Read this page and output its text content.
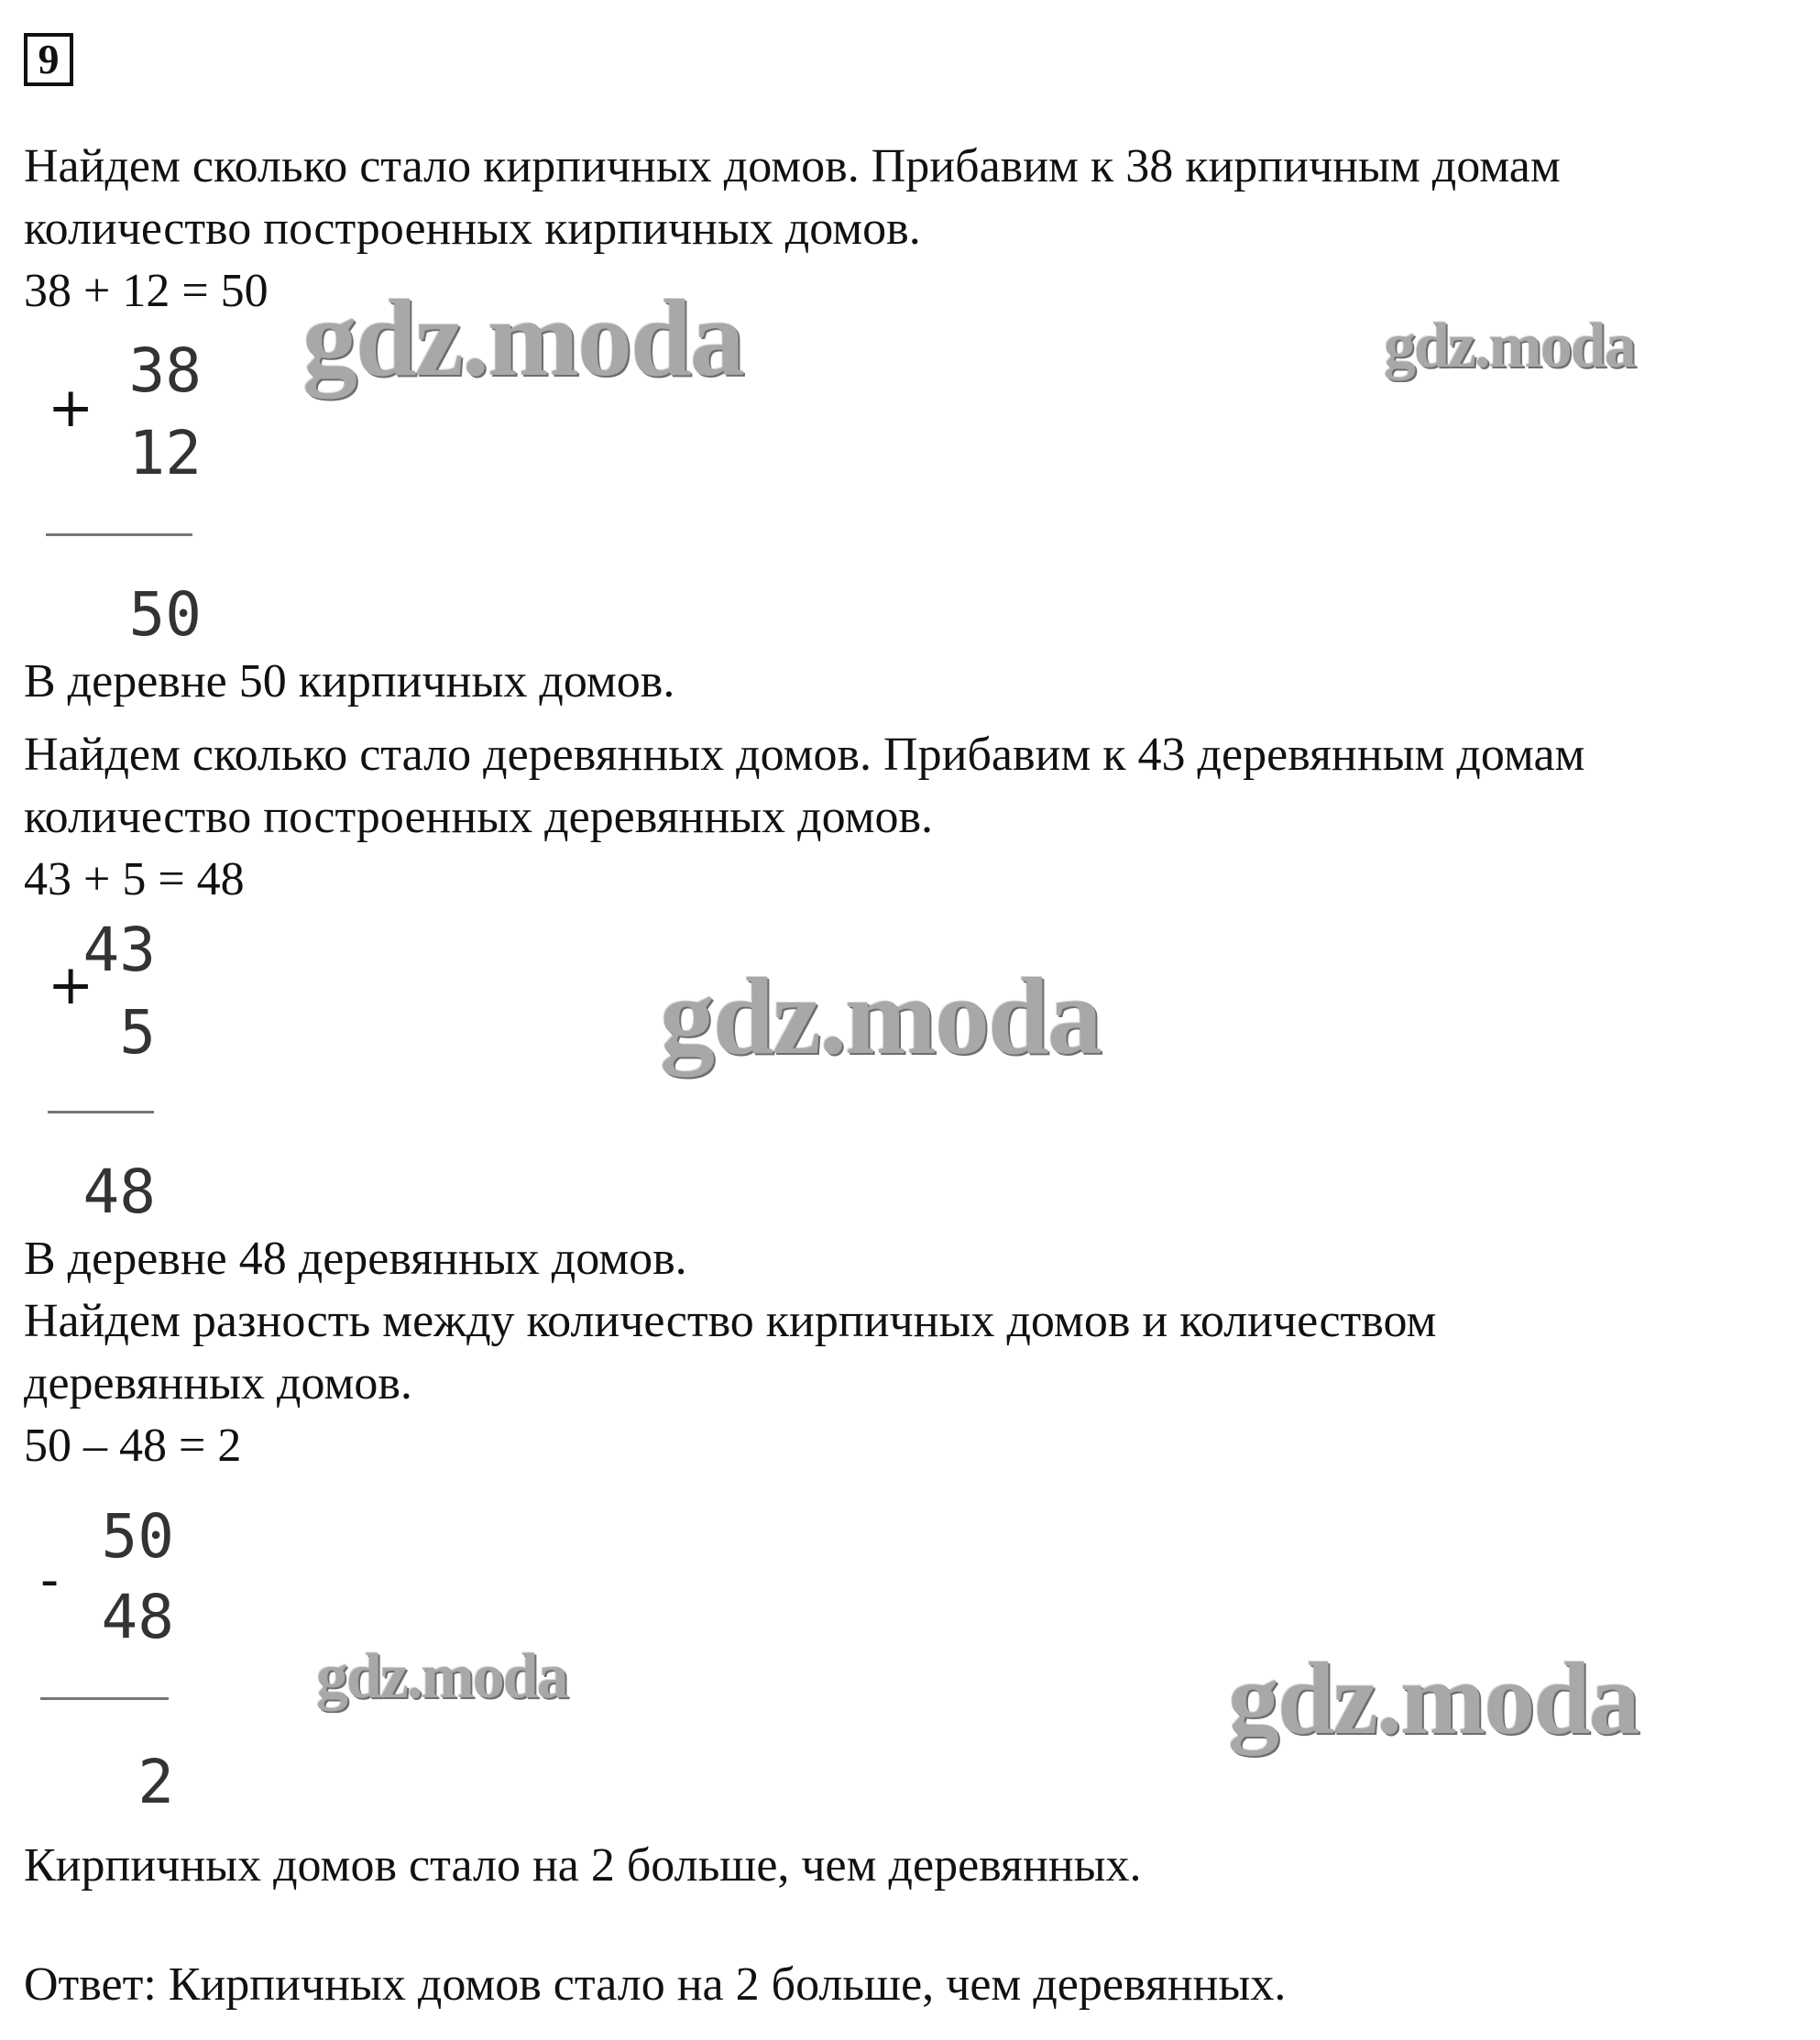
9
Найдем сколько стало кирпичных домов. Прибавим к 38 кирпичным домам
количество построенных кирпичных домов.
38 + 12 = 50
+
38
12
50
В деревне 50 кирпичных домов.
Найдем сколько стало деревянных домов. Прибавим к 43 деревянным домам
количество построенных деревянных домов.
43 + 5 = 48
+
43
5
48
В деревне 48 деревянных домов.
Найдем разность между количество кирпичных домов и количеством
деревянных домов.
50 – 48 = 2
-
50
48
2
Кирпичных домов стало на 2 больше, чем деревянных.
Ответ: Кирпичных домов стало на 2 больше, чем деревянных.
gdz.moda	gdz.moda
gdz.moda
gdz.moda	gdz.moda
